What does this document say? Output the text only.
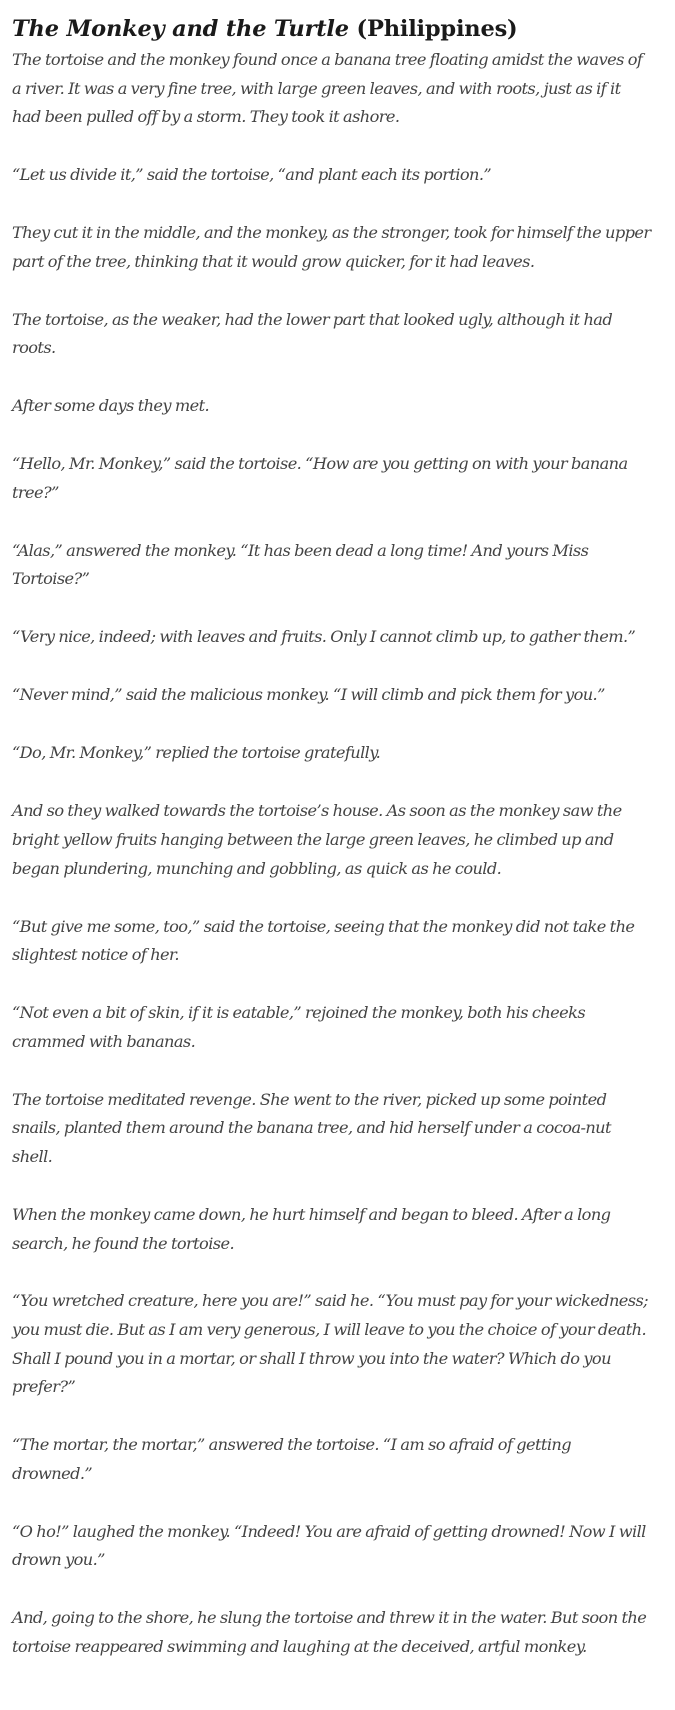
The Monkey and the Turtle (Philippines)

The tortoise and the monkey found once a banana tree floating amidst the waves of a river. It was a very fine tree, with large green leaves, and with roots, just as if it had been pulled off by a storm. They took it ashore.

“Let us divide it,” said the tortoise, “and plant each its portion.”

They cut it in the middle, and the monkey, as the stronger, took for himself the upper part of the tree, thinking that it would grow quicker, for it had leaves.

The tortoise, as the weaker, had the lower part that looked ugly, although it had roots.

After some days they met.

“Hello, Mr. Monkey,” said the tortoise. “How are you getting on with your banana tree?”

“Alas,” answered the monkey. “It has been dead a long time! And yours Miss Tortoise?”

“Very nice, indeed; with leaves and fruits. Only I cannot climb up, to gather them.”

“Never mind,” said the malicious monkey. “I will climb and pick them for you.”

“Do, Mr. Monkey,” replied the tortoise gratefully.

And so they walked towards the tortoise’s house. As soon as the monkey saw the bright yellow fruits hanging between the large green leaves, he climbed up and began plundering, munching and gobbling, as quick as he could.

“But give me some, too,” said the tortoise, seeing that the monkey did not take the slightest notice of her.

“Not even a bit of skin, if it is eatable,” rejoined the monkey, both his cheeks crammed with bananas.

The tortoise meditated revenge. She went to the river, picked up some pointed snails, planted them around the banana tree, and hid herself under a cocoa-nut shell.

When the monkey came down, he hurt himself and began to bleed. After a long search, he found the tortoise.

“You wretched creature, here you are!” said he. “You must pay for your wickedness; you must die. But as I am very generous, I will leave to you the choice of your death. Shall I pound you in a mortar, or shall I throw you into the water? Which do you prefer?”

“The mortar, the mortar,” answered the tortoise. “I am so afraid of getting drowned.”

“O ho!” laughed the monkey. “Indeed! You are afraid of getting drowned! Now I will drown you.”

And, going to the shore, he slung the tortoise and threw it in the water. But soon the tortoise reappeared swimming and laughing at the deceived, artful monkey.
